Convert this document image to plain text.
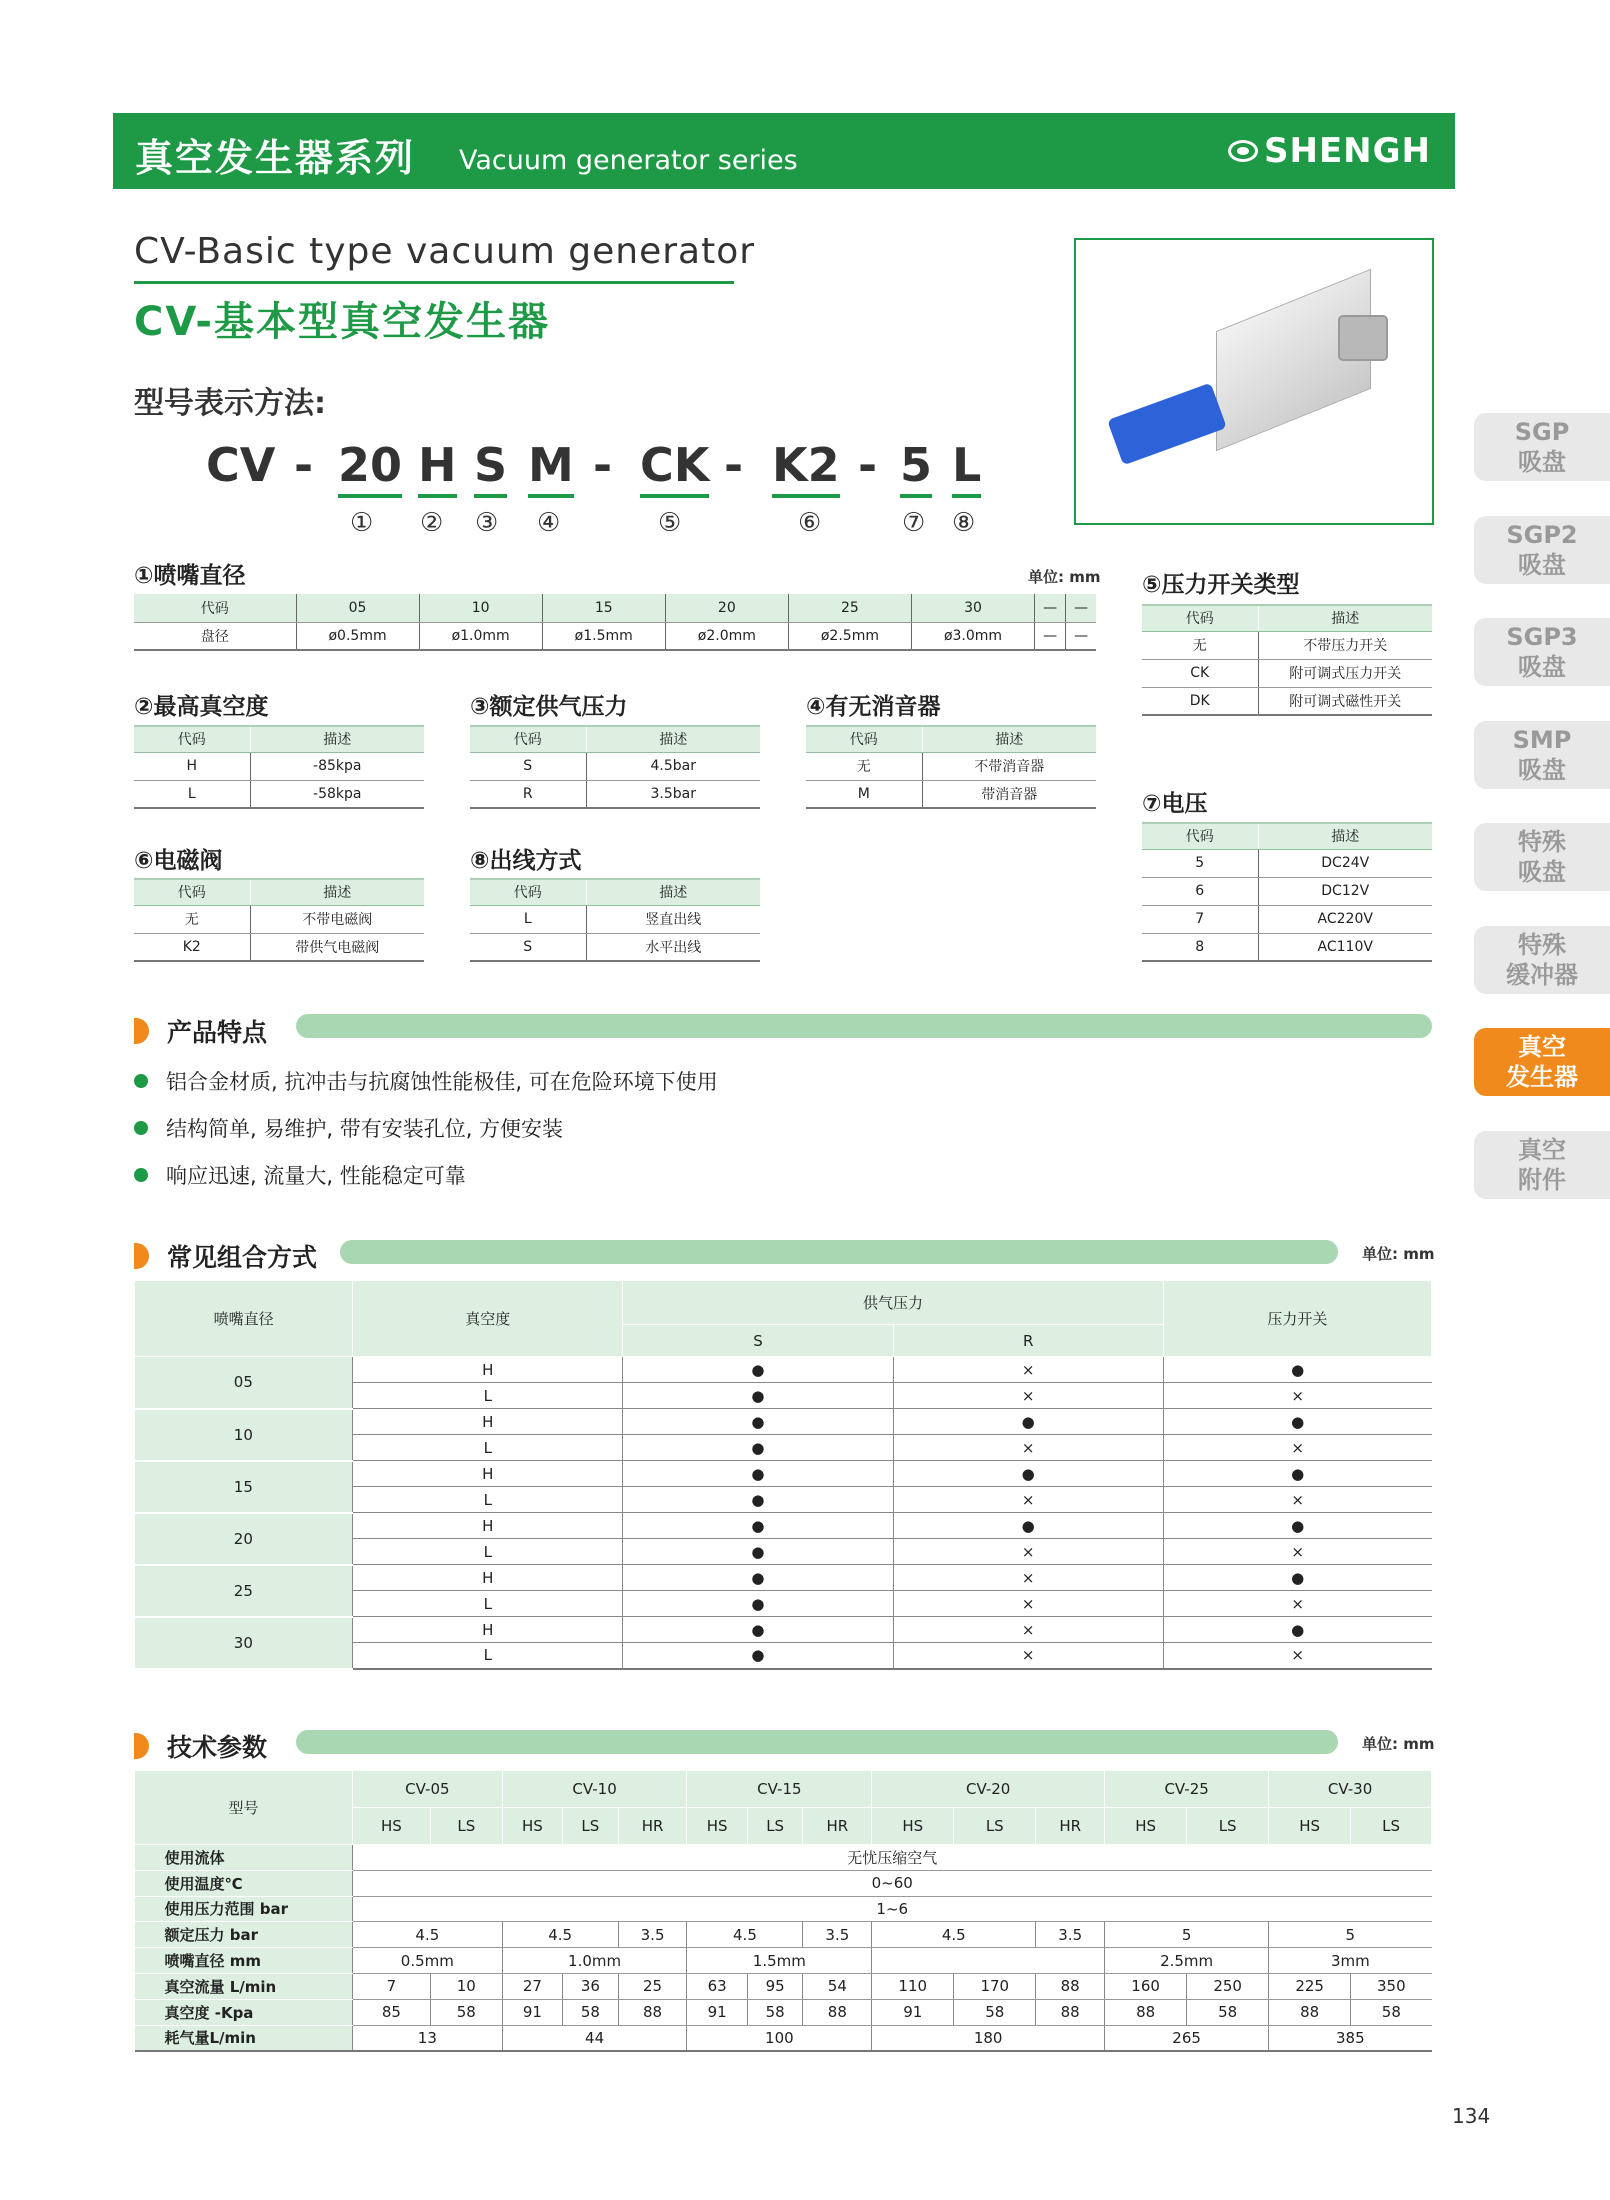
真空发生器系列 Vacuum generator series	SHENGH
CV-Basic type vacuum generator
CV-基本型真空发生器
型号表示方法:
CV - 20 H S M - CK - K2 - 5 L
① ② ③ ④	⑤	⑥	⑦ ⑧
①喷嘴直径	单位: mm
代码	05	10	15	20	25	30	—	—
盘径	ø0.5mm	ø1.0mm	ø1.5mm	ø2.0mm	ø2.5mm	ø3.0mm	—	—
②最高真空度
代码	描述
H	-85kpa
L	-58kpa
③额定供气压力
代码	描述
S	4.5bar
R	3.5bar
④有无消音器
代码	描述
无	不带消音器
M	带消音器
⑤压力开关类型
代码	描述
无	不带压力开关
CK	附可调式压力开关
DK	附可调式磁性开关
⑥电磁阀
代码	描述
无	不带电磁阀
K2	带供气电磁阀
⑧出线方式
代码	描述
L	竖直出线
S	水平出线
⑦电压
代码	描述
5	DC24V
6	DC12V
7	AC220V
8	AC110V
产品特点
铝合金材质, 抗冲击与抗腐蚀性能极佳, 可在危险环境下使用
结构简单, 易维护, 带有安装孔位, 方便安装
响应迅速, 流量大, 性能稳定可靠
常见组合方式	单位: mm
喷嘴直径	真空度	供气压力		压力开关
		S	R	
05	H	●	×	●
	L	●	×	×
10	H	●	●	●
	L	●	×	×
15	H	●	●	●
	L	●	×	×
20	H	●	●	●
	L	●	×	×
25	H	●	×	●
	L	●	×	×
30	H	●	×	●
	L	●	×	×
技术参数	单位: mm
型号	CV-05		CV-10			CV-15			CV-20			CV-25		CV-30	
	HS	LS	HS	LS	HR	HS	LS	HR	HS	LS	HR	HS	LS	HS	LS
使用流体	无忧压缩空气														
使用温度℃	0~60														
使用压力范围 bar	1~6														
额定压力 bar	4.5		4.5		3.5	4.5		3.5	4.5		3.5	5		5	
喷嘴直径 mm	0.5mm		1.0mm			1.5mm						2.5mm		3mm	
真空流量 L/min	7	10	27	36	25	63	95	54	110	170	88	160	250	225	350
真空度 -Kpa	85	58	91	58	88	91	58	88	91	58	88	88	58	88	58
耗气量L/min	13		44			100			180			265		385	
SGP
吸盘
SGP2
吸盘
SGP3
吸盘
SMP
吸盘
特殊
吸盘
特殊
缓冲器
真空
发生器
真空
附件
134
